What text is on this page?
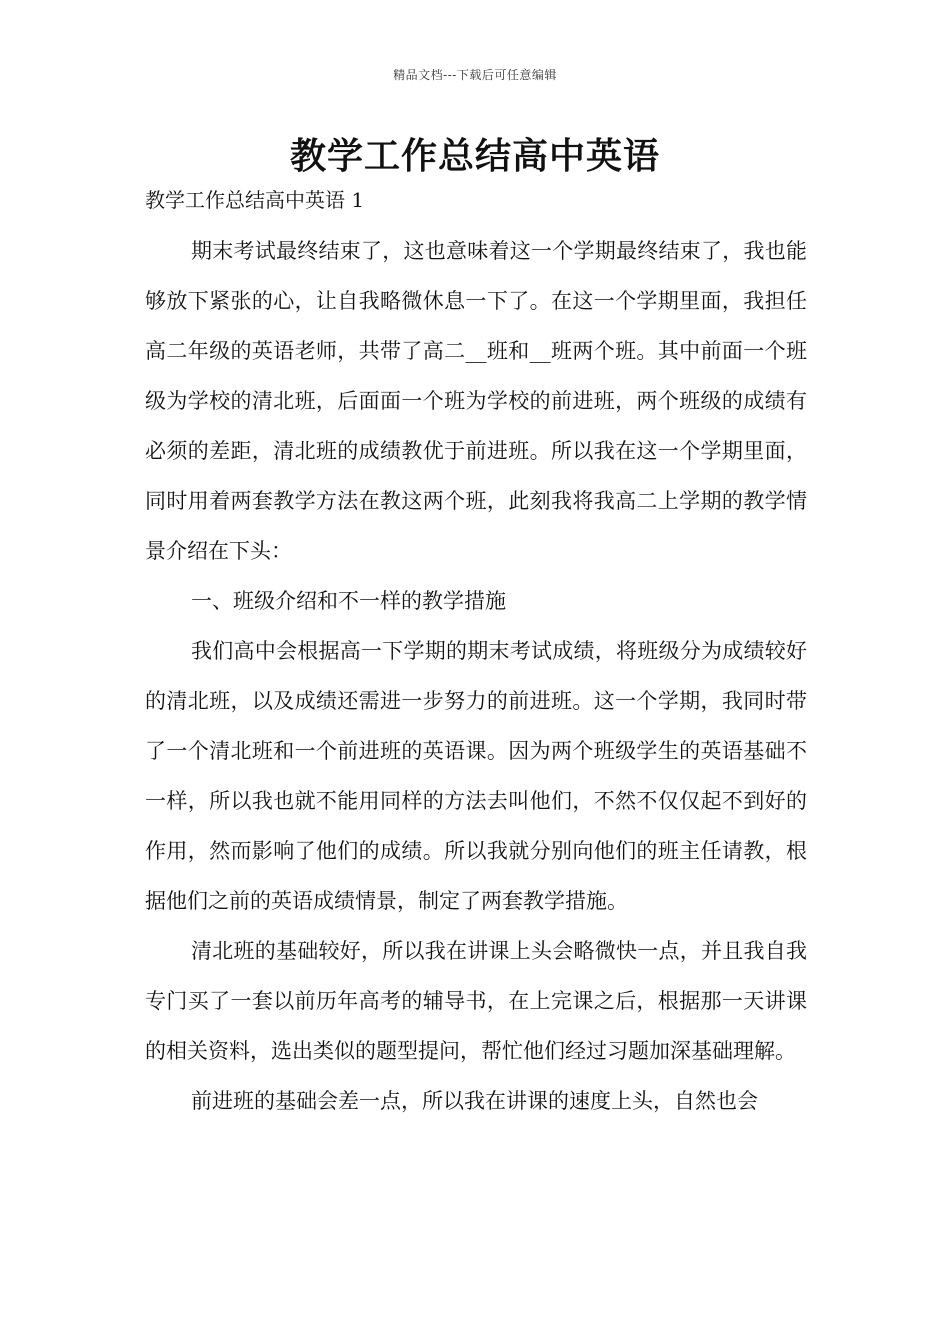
精品文档---下载后可任意编辑
教学工作总结高中英语
教学工作总结高中英语 1

期末考试最终结束了，这也意味着这一个学期最终结束了，我也能够放下紧张的心，让自我略微休息一下了。在这一个学期里面，我担任高二年级的英语老师，共带了高二__班和__班两个班。其中前面一个班级为学校的清北班，后面面一个班为学校的前进班，两个班级的成绩有必须的差距，清北班的成绩教优于前进班。所以我在这一个学期里面，同时用着两套教学方法在教这两个班，此刻我将我高二上学期的教学情景介绍在下头：

一、班级介绍和不一样的教学措施

我们高中会根据高一下学期的期末考试成绩，将班级分为成绩较好的清北班，以及成绩还需进一步努力的前进班。这一个学期，我同时带了一个清北班和一个前进班的英语课。因为两个班级学生的英语基础不一样，所以我也就不能用同样的方法去叫他们，不然不仅仅起不到好的作用，然而影响了他们的成绩。所以我就分别向他们的班主任请教，根据他们之前的英语成绩情景，制定了两套教学措施。

清北班的基础较好，所以我在讲课上头会略微快一点，并且我自我专门买了一套以前历年高考的辅导书，在上完课之后，根据那一天讲课的相关资料，选出类似的题型提问，帮忙他们经过习题加深基础理解。

前进班的基础会差一点，所以我在讲课的速度上头，自然也会
